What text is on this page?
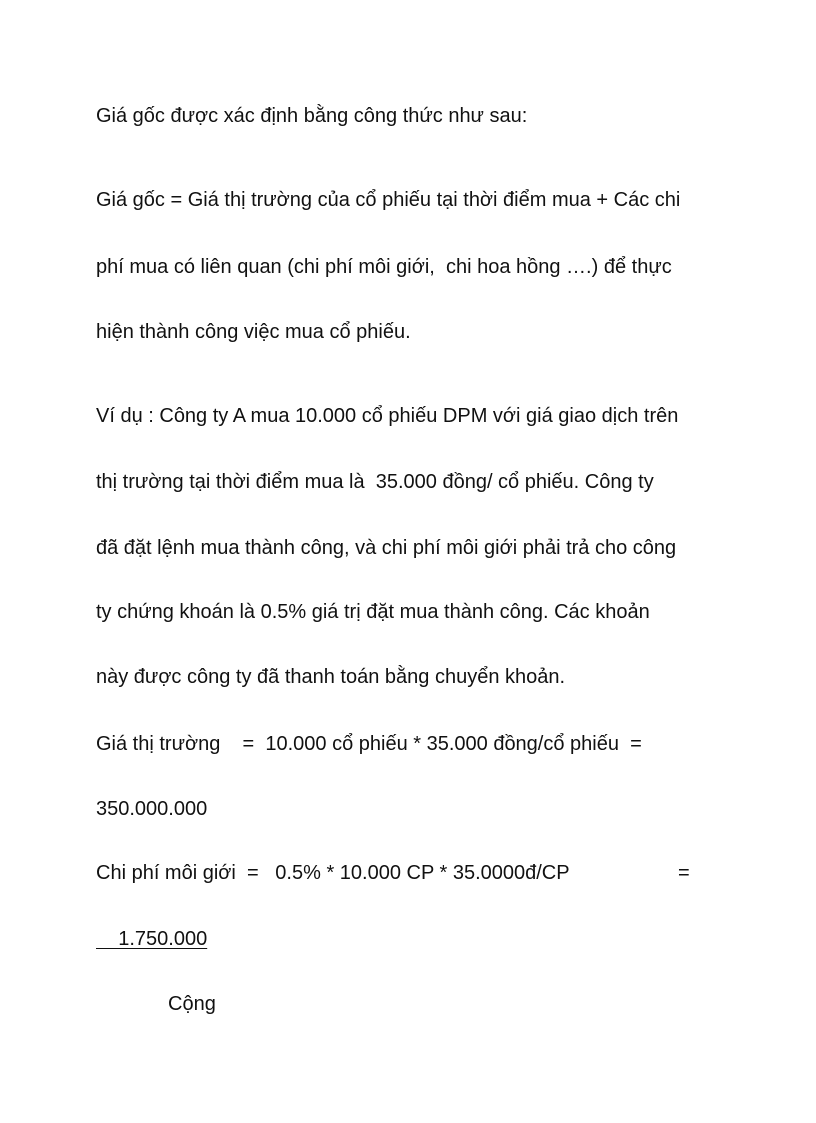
Giá gốc được xác định bằng công thức như sau:

Giá gốc = Giá thị trường của cổ phiếu tại thời điểm mua + Các chi

phí mua có liên quan (chi phí môi giới,  chi hoa hồng ….) để thực

hiện thành công việc mua cổ phiếu.

Ví dụ : Công ty A mua 10.000 cổ phiếu DPM với giá giao dịch trên

thị trường tại thời điểm mua là  35.000 đồng/ cổ phiếu. Công ty

đã đặt lệnh mua thành công, và chi phí môi giới phải trả cho công

ty chứng khoán là 0.5% giá trị đặt mua thành công. Các khoản

này được công ty đã thanh toán bằng chuyển khoản.

Giá thị trường    =  10.000 cổ phiếu * 35.000 đồng/cổ phiếu  =

350.000.000

Chi phí môi giới  =   0.5% * 10.000 CP * 35.0000đ/CP	=

1.750.000

Cộng
